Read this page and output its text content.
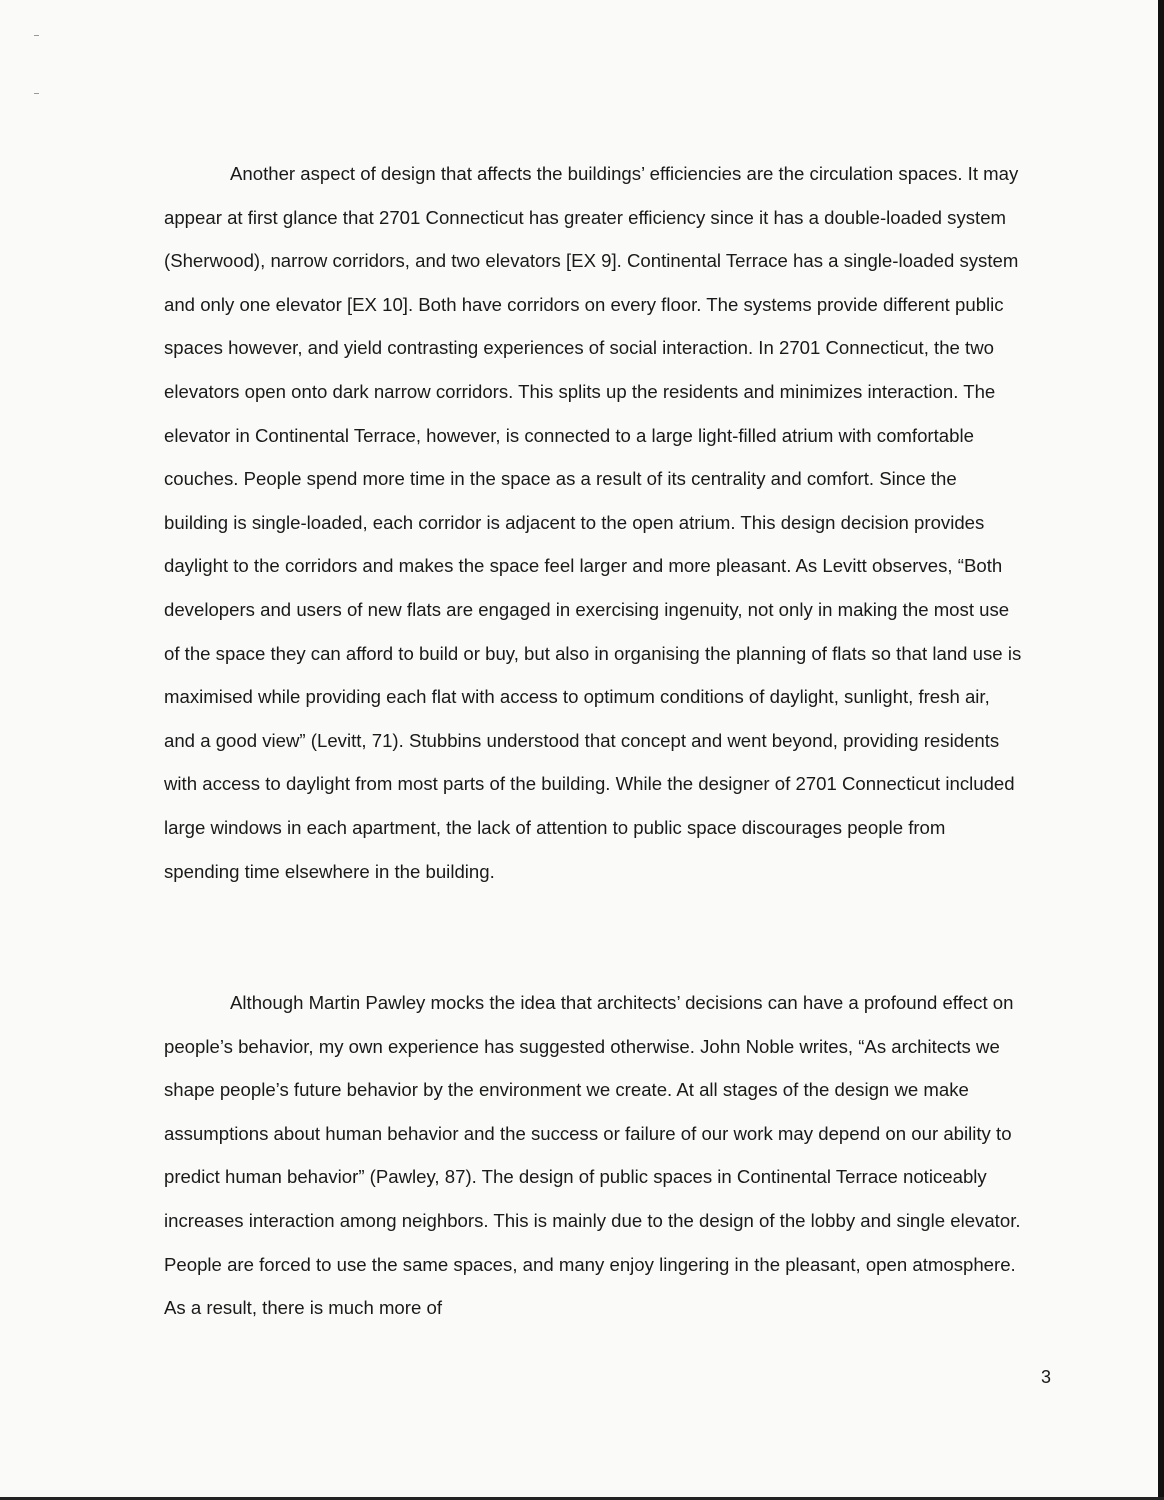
Another aspect of design that affects the buildings’ efficiencies are the circulation spaces. It may appear at first glance that 2701 Connecticut has greater efficiency since it has a double-loaded system (Sherwood), narrow corridors, and two elevators [EX 9]. Continental Terrace has a single-loaded system and only one elevator [EX 10]. Both have corridors on every floor. The systems provide different public spaces however, and yield contrasting experiences of social interaction. In 2701 Connecticut, the two elevators open onto dark narrow corridors. This splits up the residents and minimizes interaction. The elevator in Continental Terrace, however, is connected to a large light-filled atrium with comfortable couches. People spend more time in the space as a result of its centrality and comfort. Since the building is single-loaded, each corridor is adjacent to the open atrium. This design decision provides daylight to the corridors and makes the space feel larger and more pleasant. As Levitt observes, “Both developers and users of new flats are engaged in exercising ingenuity, not only in making the most use of the space they can afford to build or buy, but also in organising the planning of flats so that land use is maximised while providing each flat with access to optimum conditions of daylight, sunlight, fresh air, and a good view” (Levitt, 71). Stubbins understood that concept and went beyond, providing residents with access to daylight from most parts of the building. While the designer of 2701 Connecticut included large windows in each apartment, the lack of attention to public space discourages people from spending time elsewhere in the building.

Although Martin Pawley mocks the idea that architects’ decisions can have a profound effect on people’s behavior, my own experience has suggested otherwise. John Noble writes, “As architects we shape people’s future behavior by the environment we create. At all stages of the design we make assumptions about human behavior and the success or failure of our work may depend on our ability to predict human behavior” (Pawley, 87). The design of public spaces in Continental Terrace noticeably increases interaction among neighbors. This is mainly due to the design of the lobby and single elevator. People are forced to use the same spaces, and many enjoy lingering in the pleasant, open atmosphere. As a result, there is much more of

3
